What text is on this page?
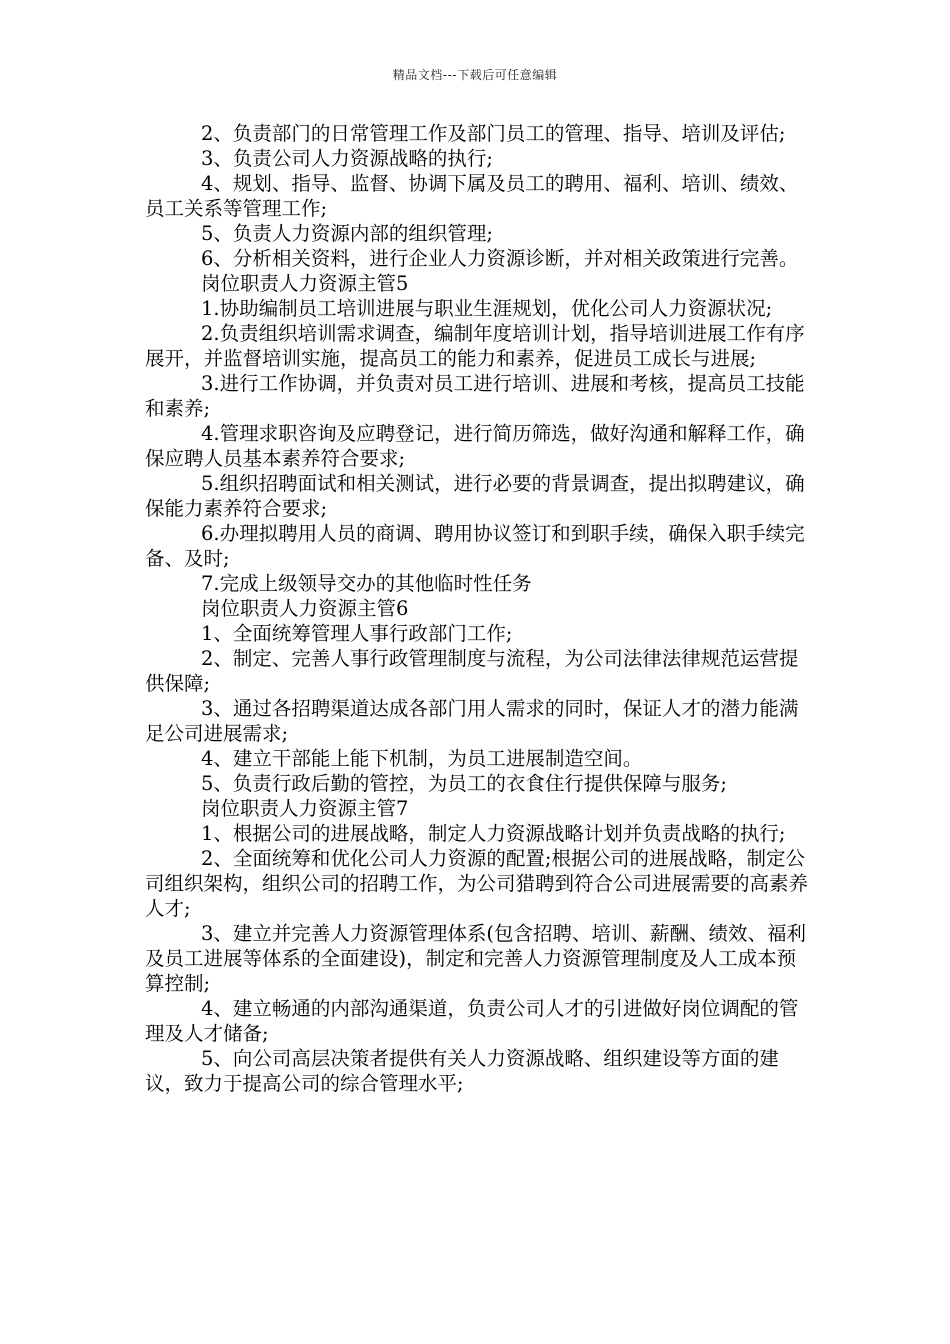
精品文档---下载后可任意编辑

2、负责部门的日常管理工作及部门员工的管理、指导、培训及评估;

3、负责公司人力资源战略的执行;

4、规划、指导、监督、协调下属及员工的聘用、福利、培训、绩效、员工关系等管理工作;

5、负责人力资源内部的组织管理;

6、分析相关资料，进行企业人力资源诊断，并对相关政策进行完善。

岗位职责人力资源主管5

1.协助编制员工培训进展与职业生涯规划，优化公司人力资源状况;

2.负责组织培训需求调查，编制年度培训计划，指导培训进展工作有序展开，并监督培训实施，提高员工的能力和素养，促进员工成长与进展;

3.进行工作协调，并负责对员工进行培训、进展和考核，提高员工技能和素养;

4.管理求职咨询及应聘登记，进行简历筛选，做好沟通和解释工作，确保应聘人员基本素养符合要求;

5.组织招聘面试和相关测试，进行必要的背景调查，提出拟聘建议，确保能力素养符合要求;

6.办理拟聘用人员的商调、聘用协议签订和到职手续，确保入职手续完备、及时;

7.完成上级领导交办的其他临时性任务

岗位职责人力资源主管6

1、全面统筹管理人事行政部门工作;

2、制定、完善人事行政管理制度与流程，为公司法律法律规范运营提供保障;

3、通过各招聘渠道达成各部门用人需求的同时，保证人才的潜力能满足公司进展需求;

4、建立干部能上能下机制，为员工进展制造空间。

5、负责行政后勤的管控，为员工的衣食住行提供保障与服务;

岗位职责人力资源主管7

1、根据公司的进展战略，制定人力资源战略计划并负责战略的执行;

2、全面统筹和优化公司人力资源的配置;根据公司的进展战略，制定公司组织架构，组织公司的招聘工作，为公司猎聘到符合公司进展需要的高素养人才;

3、建立并完善人力资源管理体系(包含招聘、培训、薪酬、绩效、福利及员工进展等体系的全面建设)，制定和完善人力资源管理制度及人工成本预算控制;

4、建立畅通的内部沟通渠道，负责公司人才的引进做好岗位调配的管理及人才储备;

5、向公司高层决策者提供有关人力资源战略、组织建设等方面的建议，致力于提高公司的综合管理水平;
